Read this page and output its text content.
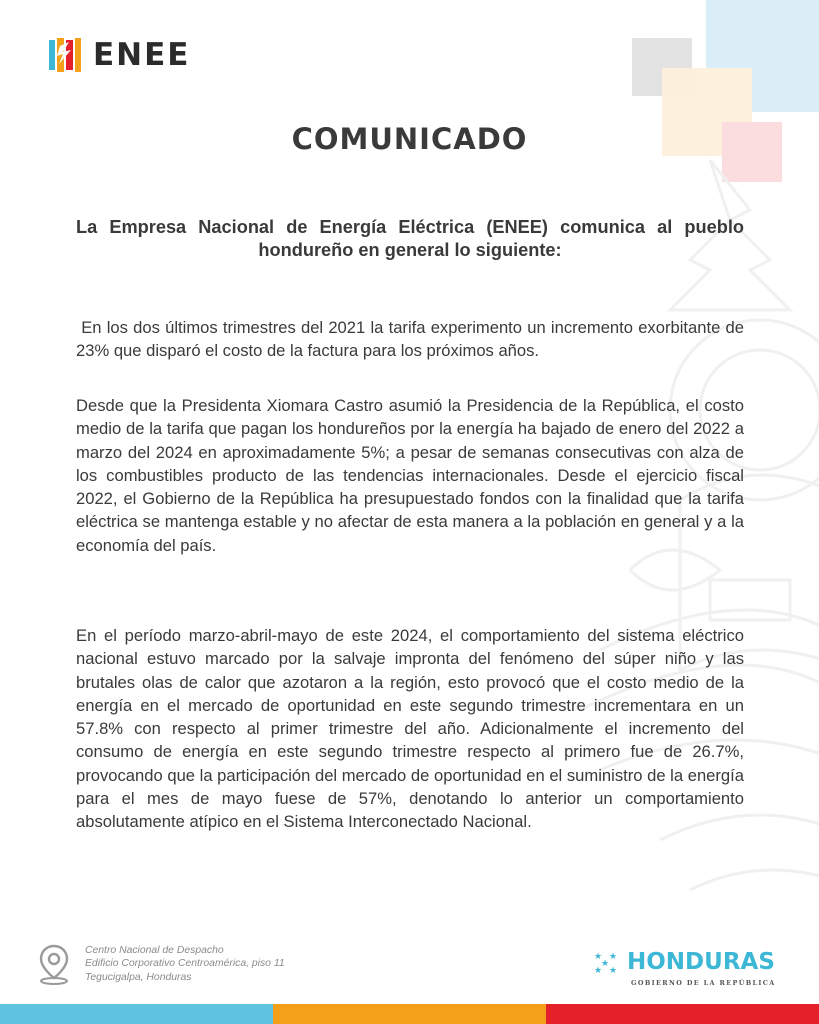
ENEE
COMUNICADO
La Empresa Nacional de Energía Eléctrica (ENEE) comunica al pueblo hondureño en general lo siguiente:
En los dos últimos trimestres del 2021 la tarifa experimento un incremento exorbitante de 23% que disparó el costo de la factura para los próximos años.
Desde que la Presidenta Xiomara Castro asumió la Presidencia de la República, el costo medio de la tarifa que pagan los hondureños por la energía ha bajado de enero del 2022 a marzo del 2024 en aproximadamente 5%; a pesar de semanas consecutivas con alza de los combustibles producto de las tendencias internacionales. Desde el ejercicio fiscal 2022, el Gobierno de la República ha presupuestado fondos con la finalidad que la tarifa eléctrica se mantenga estable y no afectar de esta manera a la población en general y a la economía del país.
En el período marzo-abril-mayo de este 2024, el comportamiento del sistema eléctrico nacional estuvo marcado por la salvaje impronta del fenómeno del súper niño y las brutales olas de calor que azotaron a la región, esto provocó que el costo medio de la energía en el mercado de oportunidad en este segundo trimestre incrementara en un 57.8% con respecto al primer trimestre del año. Adicionalmente el incremento del consumo de energía en este segundo trimestre respecto al primero fue de 26.7%, provocando que la participación del mercado de oportunidad en el suministro de la energía para el mes de mayo fuese de 57%, denotando lo anterior un comportamiento absolutamente atípico en el Sistema Interconectado Nacional.
Centro Nacional de Despacho
Edificio Corporativo Centroamérica, piso 11
Tegucigalpa, Honduras
★ ★
★
★ ★ HONDURAS
GOBIERNO DE LA REPÚBLICA
